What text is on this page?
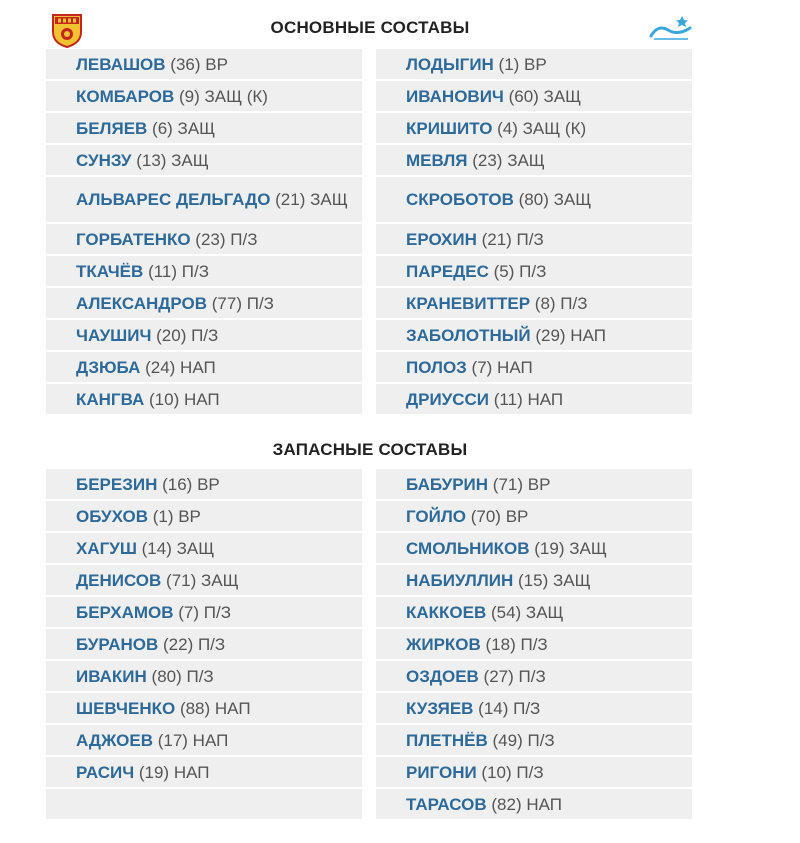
ОСНОВНЫЕ СОСТАВЫ
ЗАПАСНЫЕ СОСТАВЫ
ЛЕВАШОВ (36) ВР
КОМБАРОВ (9) ЗАЩ (К)
БЕЛЯЕВ (6) ЗАЩ
СУНЗУ (13) ЗАЩ
АЛЬВАРЕС ДЕЛЬГАДО (21) ЗАЩ
ГОРБАТЕНКО (23) П/З
ТКАЧЁВ (11) П/З
АЛЕКСАНДРОВ (77) П/З
ЧАУШИЧ (20) П/З
ДЗЮБА (24) НАП
КАНГВА (10) НАП
ЛОДЫГИН (1) ВР
ИВАНОВИЧ (60) ЗАЩ
КРИШИТО (4) ЗАЩ (К)
МЕВЛЯ (23) ЗАЩ
СКРОБОТОВ (80) ЗАЩ
ЕРОХИН (21) П/З
ПАРЕДЕС (5) П/З
КРАНЕВИТТЕР (8) П/З
ЗАБОЛОТНЫЙ (29) НАП
ПОЛОЗ (7) НАП
ДРИУССИ (11) НАП
БЕРЕЗИН (16) ВР
ОБУХОВ (1) ВР
ХАГУШ (14) ЗАЩ
ДЕНИСОВ (71) ЗАЩ
БЕРХАМОВ (7) П/З
БУРАНОВ (22) П/З
ИВАКИН (80) П/З
ШЕВЧЕНКО (88) НАП
АДЖОЕВ (17) НАП
РАСИЧ (19) НАП
БАБУРИН (71) ВР
ГОЙЛО (70) ВР
СМОЛЬНИКОВ (19) ЗАЩ
НАБИУЛЛИН (15) ЗАЩ
КАККОЕВ (54) ЗАЩ
ЖИРКОВ (18) П/З
ОЗДОЕВ (27) П/З
КУЗЯЕВ (14) П/З
ПЛЕТНЁВ (49) П/З
РИГОНИ (10) П/З
ТАРАСОВ (82) НАП
